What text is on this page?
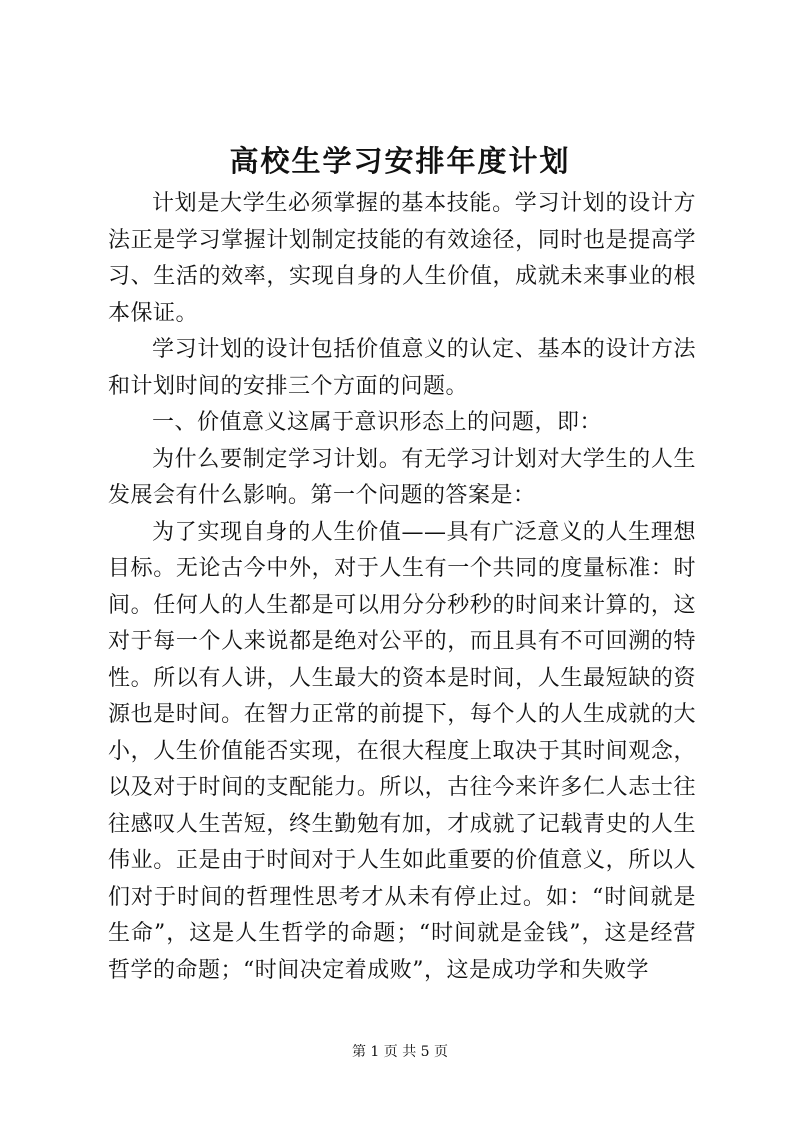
高校生学习安排年度计划

计划是大学生必须掌握的基本技能。学习计划的设计方法正是学习掌握计划制定技能的有效途径，同时也是提高学习、生活的效率，实现自身的人生价值，成就未来事业的根本保证。

学习计划的设计包括价值意义的认定、基本的设计方法和计划时间的安排三个方面的问题。

一、价值意义这属于意识形态上的问题，即：

为什么要制定学习计划。有无学习计划对大学生的人生发展会有什么影响。第一个问题的答案是：

为了实现自身的人生价值——具有广泛意义的人生理想目标。无论古今中外，对于人生有一个共同的度量标准：时间。任何人的人生都是可以用分分秒秒的时间来计算的，这对于每一个人来说都是绝对公平的，而且具有不可回溯的特性。所以有人讲，人生最大的资本是时间，人生最短缺的资源也是时间。在智力正常的前提下，每个人的人生成就的大小，人生价值能否实现，在很大程度上取决于其时间观念，以及对于时间的支配能力。所以，古往今来许多仁人志士往往感叹人生苦短，终生勤勉有加，才成就了记载青史的人生伟业。正是由于时间对于人生如此重要的价值意义，所以人们对于时间的哲理性思考才从未有停止过。如：“时间就是生命”，这是人生哲学的命题；“时间就是金钱”，这是经营哲学的命题；“时间决定着成败”，这是成功学和失败学

第 1 页 共 5 页
